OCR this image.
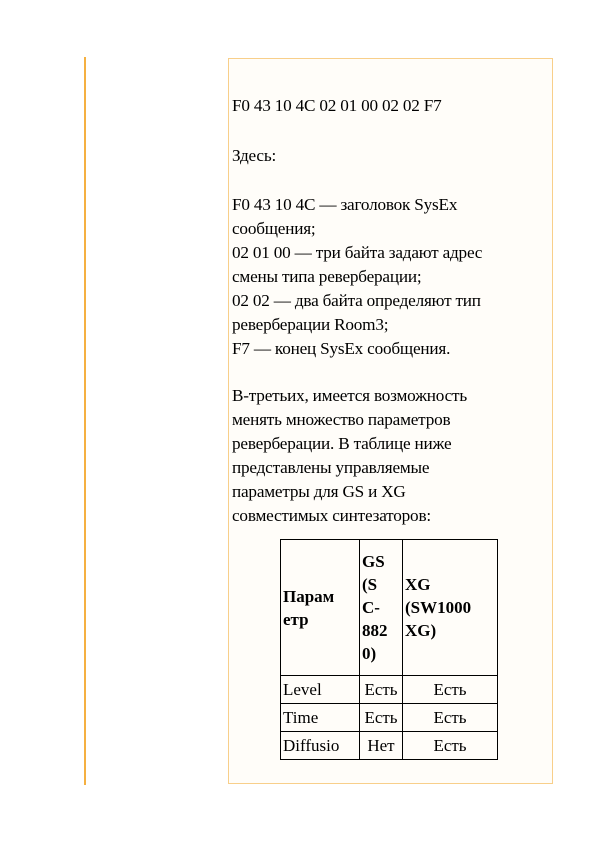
F0 43 10 4C 02 01 00 02 02 F7

Здесь:

F0 43 10 4C — заголовок SysEx
сообщения;
02 01 00 — три байта задают адрес
смены типа реверберации;
02 02 — два байта определяют тип
реверберации Room3;
F7 — конец SysEx сообщения.

В-третьих, имеется возможность
менять множество параметров
реверберации. В таблице ниже
представлены управляемые
параметры для GS и XG
совместимых синтезаторов:

Парам
етр	GS
(S
C-
882
0)	XG
(SW1000
XG)

Level	Есть	Есть
Time	Есть	Есть
Diffusio	Нет	Есть
